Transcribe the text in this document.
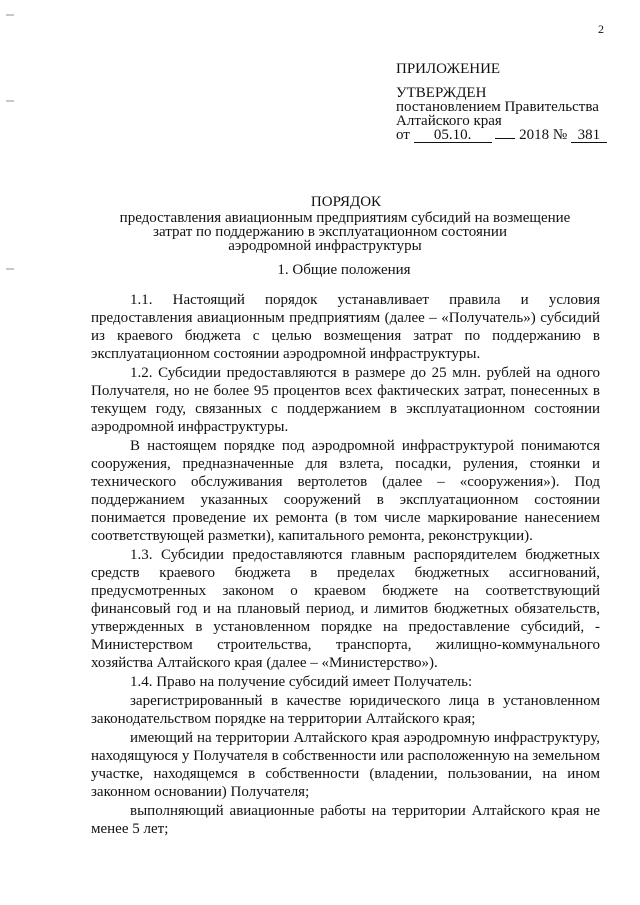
2
ПРИЛОЖЕНИЕ
УТВЕРЖДЕН
постановлением Правительства
Алтайского края
от 05.10.	2018 № 381
ПОРЯДОК
предоставления авиационным предприятиям субсидий на возмещение
затрат по поддержанию в эксплуатационном состоянии
аэродромной инфраструктуры
1. Общие положения

1.1. Настоящий порядок устанавливает правила и условия предоставления авиационным предприятиям (далее – «Получатель») субсидий из краевого бюджета с целью возмещения затрат по поддержанию в эксплуатационном состоянии аэродромной инфраструктуры.

1.2. Субсидии предоставляются в размере до 25 млн. рублей на одного Получателя, но не более 95 процентов всех фактических затрат, понесенных в текущем году, связанных с поддержанием в эксплуатационном состоянии аэродромной инфраструктуры.

В настоящем порядке под аэродромной инфраструктурой понимаются сооружения, предназначенные для взлета, посадки, руления, стоянки и технического обслуживания вертолетов (далее – «сооружения»). Под поддержанием указанных сооружений в эксплуатационном состоянии понимается проведение их ремонта (в том числе маркирование нанесением соответствующей разметки), капитального ремонта, реконструкции).

1.3. Субсидии предоставляются главным распорядителем бюджетных средств краевого бюджета в пределах бюджетных ассигнований, предусмотренных законом о краевом бюджете на соответствующий финансовый год и на плановый период, и лимитов бюджетных обязательств, утвержденных в установленном порядке на предоставление субсидий, - Министерством строительства, транспорта, жилищно-коммунального хозяйства Алтайского края (далее – «Министерство»).

1.4. Право на получение субсидий имеет Получатель:

зарегистрированный в качестве юридического лица в установленном законодательством порядке на территории Алтайского края;

имеющий на территории Алтайского края аэродромную инфраструктуру, находящуюся у Получателя в собственности или расположенную на земельном участке, находящемся в собственности (владении, пользовании, на ином законном основании) Получателя;

выполняющий авиационные работы на территории Алтайского края не менее 5 лет;
